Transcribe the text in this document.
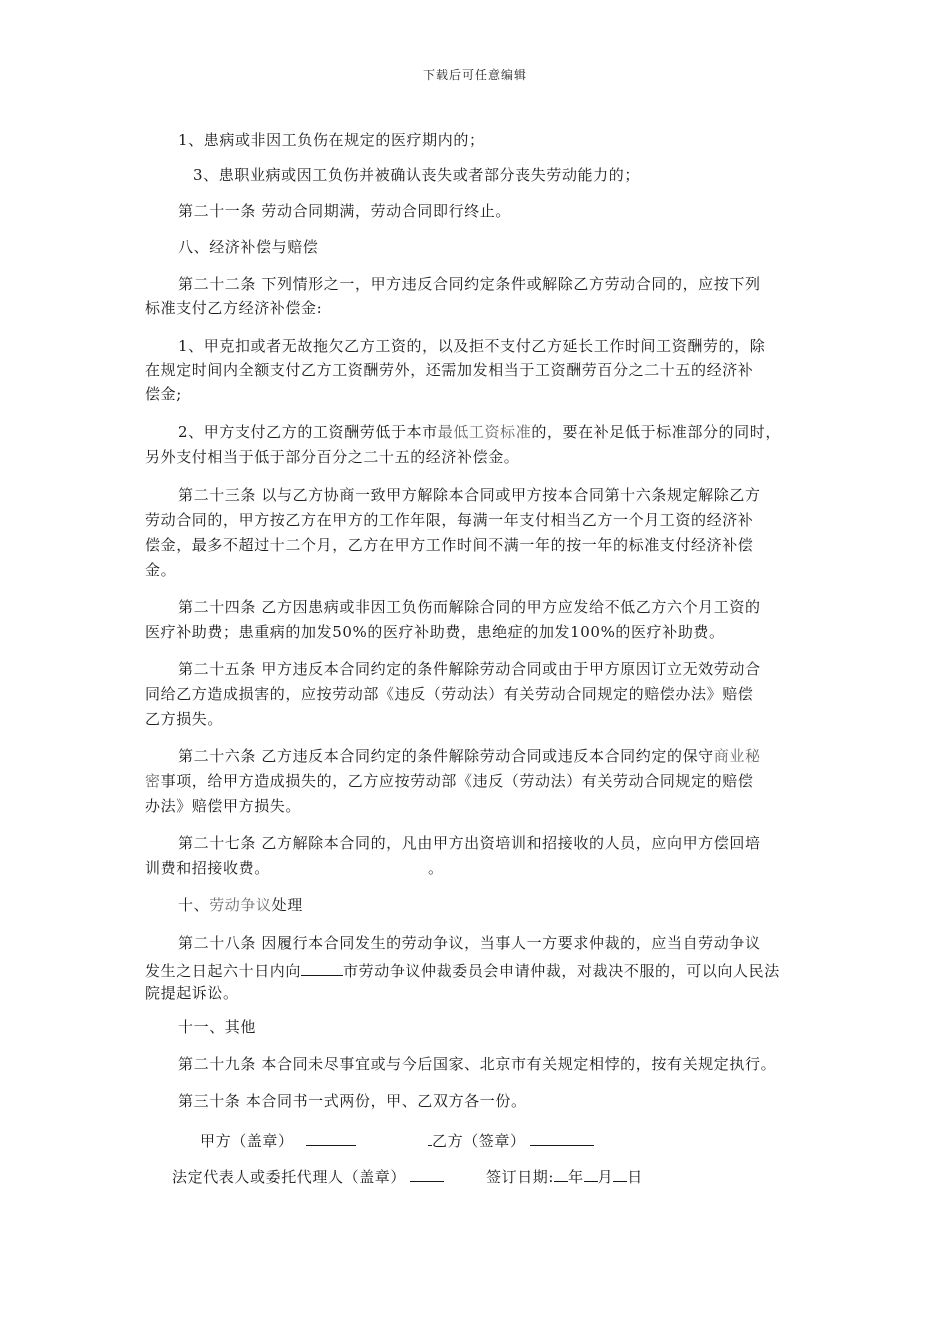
下载后可任意编辑
1、患病或非因工负伤在规定的医疗期内的；
3、患职业病或因工负伤并被确认丧失或者部分丧失劳动能力的；
第二十一条 劳动合同期满，劳动合同即行终止。
八、经济补偿与赔偿
第二十二条 下列情形之一，甲方违反合同约定条件或解除乙方劳动合同的，应按下列
标准支付乙方经济补偿金:
1、甲克扣或者无故拖欠乙方工资的，以及拒不支付乙方延长工作时间工资酬劳的，除
在规定时间内全额支付乙方工资酬劳外，还需加发相当于工资酬劳百分之二十五的经济补
偿金;
2、甲方支付乙方的工资酬劳低于本市最低工资标准的，要在补足低于标准部分的同时，
另外支付相当于低于部分百分之二十五的经济补偿金。
第二十三条 以与乙方协商一致甲方解除本合同或甲方按本合同第十六条规定解除乙方
劳动合同的，甲方按乙方在甲方的工作年限，每满一年支付相当乙方一个月工资的经济补
偿金，最多不超过十二个月，乙方在甲方工作时间不满一年的按一年的标准支付经济补偿
金。
第二十四条 乙方因患病或非因工负伤而解除合同的甲方应发给不低乙方六个月工资的
医疗补助费；患重病的加发50%的医疗补助费，患绝症的加发100%的医疗补助费。
第二十五条 甲方违反本合同约定的条件解除劳动合同或由于甲方原因订立无效劳动合
同给乙方造成损害的，应按劳动部《违反（劳动法）有关劳动合同规定的赔偿办法》赔偿
乙方损失。
第二十六条 乙方违反本合同约定的条件解除劳动合同或违反本合同约定的保守商业秘
密事项，给甲方造成损失的，乙方应按劳动部《违反（劳动法）有关劳动合同规定的赔偿
办法》赔偿甲方损失。
第二十七条 乙方解除本合同的，凡由甲方出资培训和招接收的人员，应向甲方偿回培
训费和招接收费。	。
十、劳动争议处理
第二十八条 因履行本合同发生的劳动争议，当事人一方要求仲裁的，应当自劳动争议
发生之日起六十日内向	市劳动争议仲裁委员会申请仲裁，对裁决不服的，可以向人民法
院提起诉讼。
十一、其他
第二十九条 本合同未尽事宜或与今后国家、北京市有关规定相悖的，按有关规定执行。
第三十条 本合同书一式两份，甲、乙双方各一份。
甲方（盖章）	乙方（签章）
法定代表人或委托代理人（盖章）	签订日期: 年 月 日
